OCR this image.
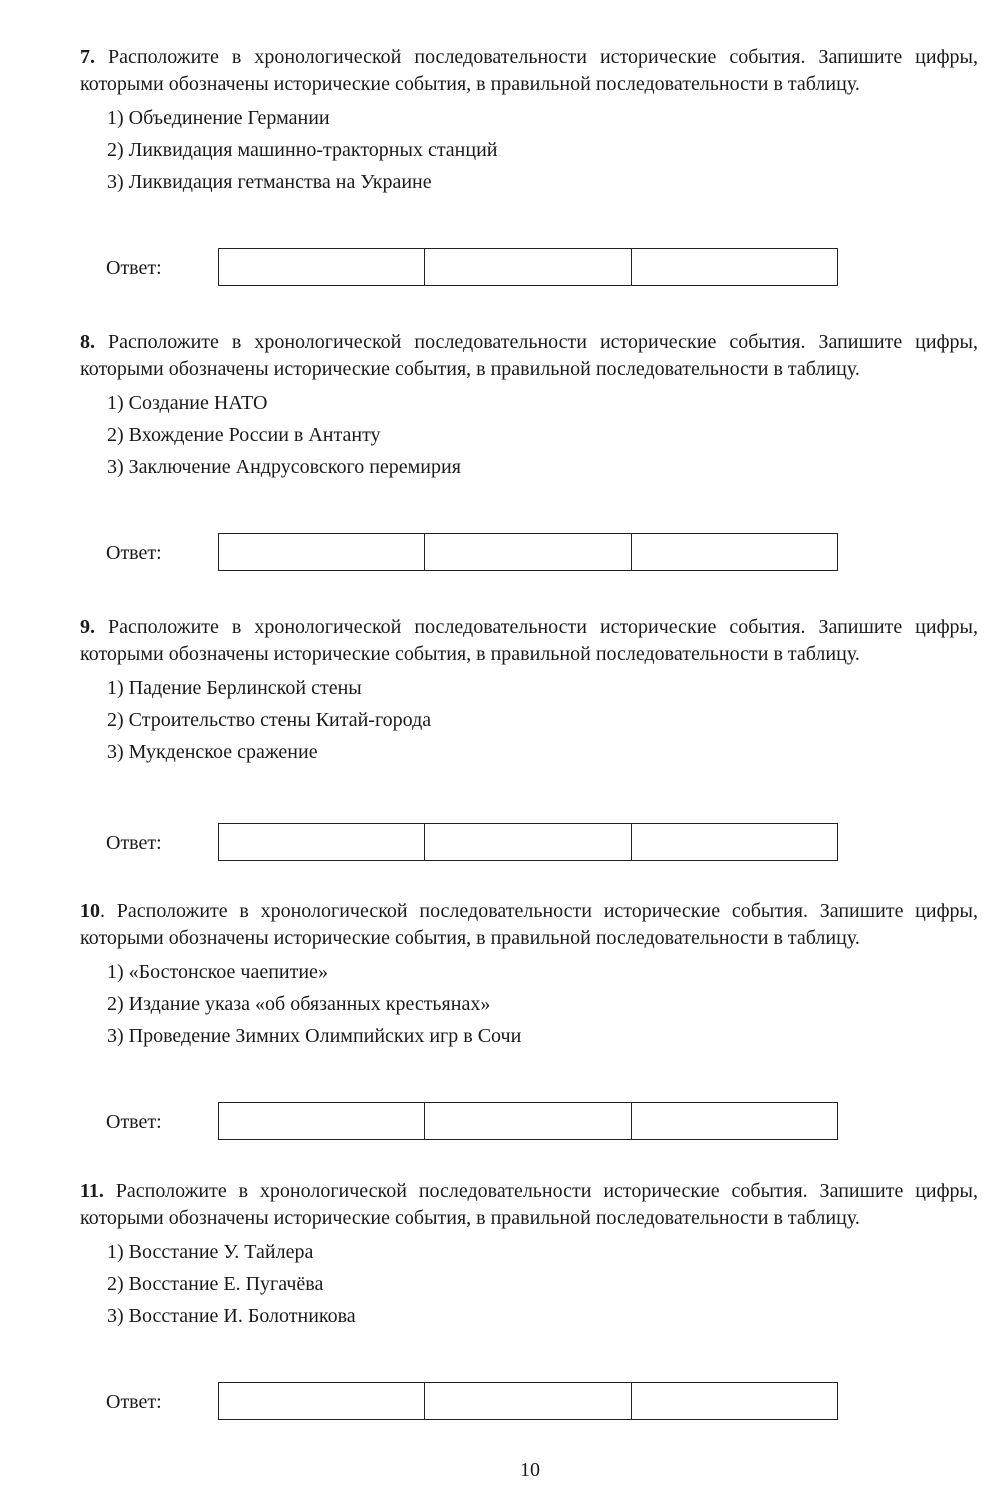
7. Расположите в хронологической последовательности исторические события. Запишите цифры, которыми обозначены исторические события, в правильной последовательности в таблицу.

1) Объединение Германии
2) Ликвидация машинно-тракторных станций
3) Ликвидация гетманства на Украине
Ответ:

8. Расположите в хронологической последовательности исторические события. Запишите цифры, которыми обозначены исторические события, в правильной последовательности в таблицу.

1) Создание НАТО
2) Вхождение России в Антанту
3) Заключение Андрусовского перемирия
Ответ:

9. Расположите в хронологической последовательности исторические события. Запишите цифры, которыми обозначены исторические события, в правильной последовательности в таблицу.

1) Падение Берлинской стены
2) Строительство стены Китай-города
3) Мукденское сражение
Ответ:

10. Расположите в хронологической последовательности исторические события. Запишите цифры, которыми обозначены исторические события, в правильной последовательности в таблицу.

1) «Бостонское чаепитие»
2) Издание указа «об обязанных крестьянах»
3) Проведение Зимних Олимпийских игр в Сочи
Ответ:

11. Расположите в хронологической последовательности исторические события. Запишите цифры, которыми обозначены исторические события, в правильной последовательности в таблицу.

1) Восстание У. Тайлера
2) Восстание Е. Пугачёва
3) Восстание И. Болотникова
Ответ:
10
